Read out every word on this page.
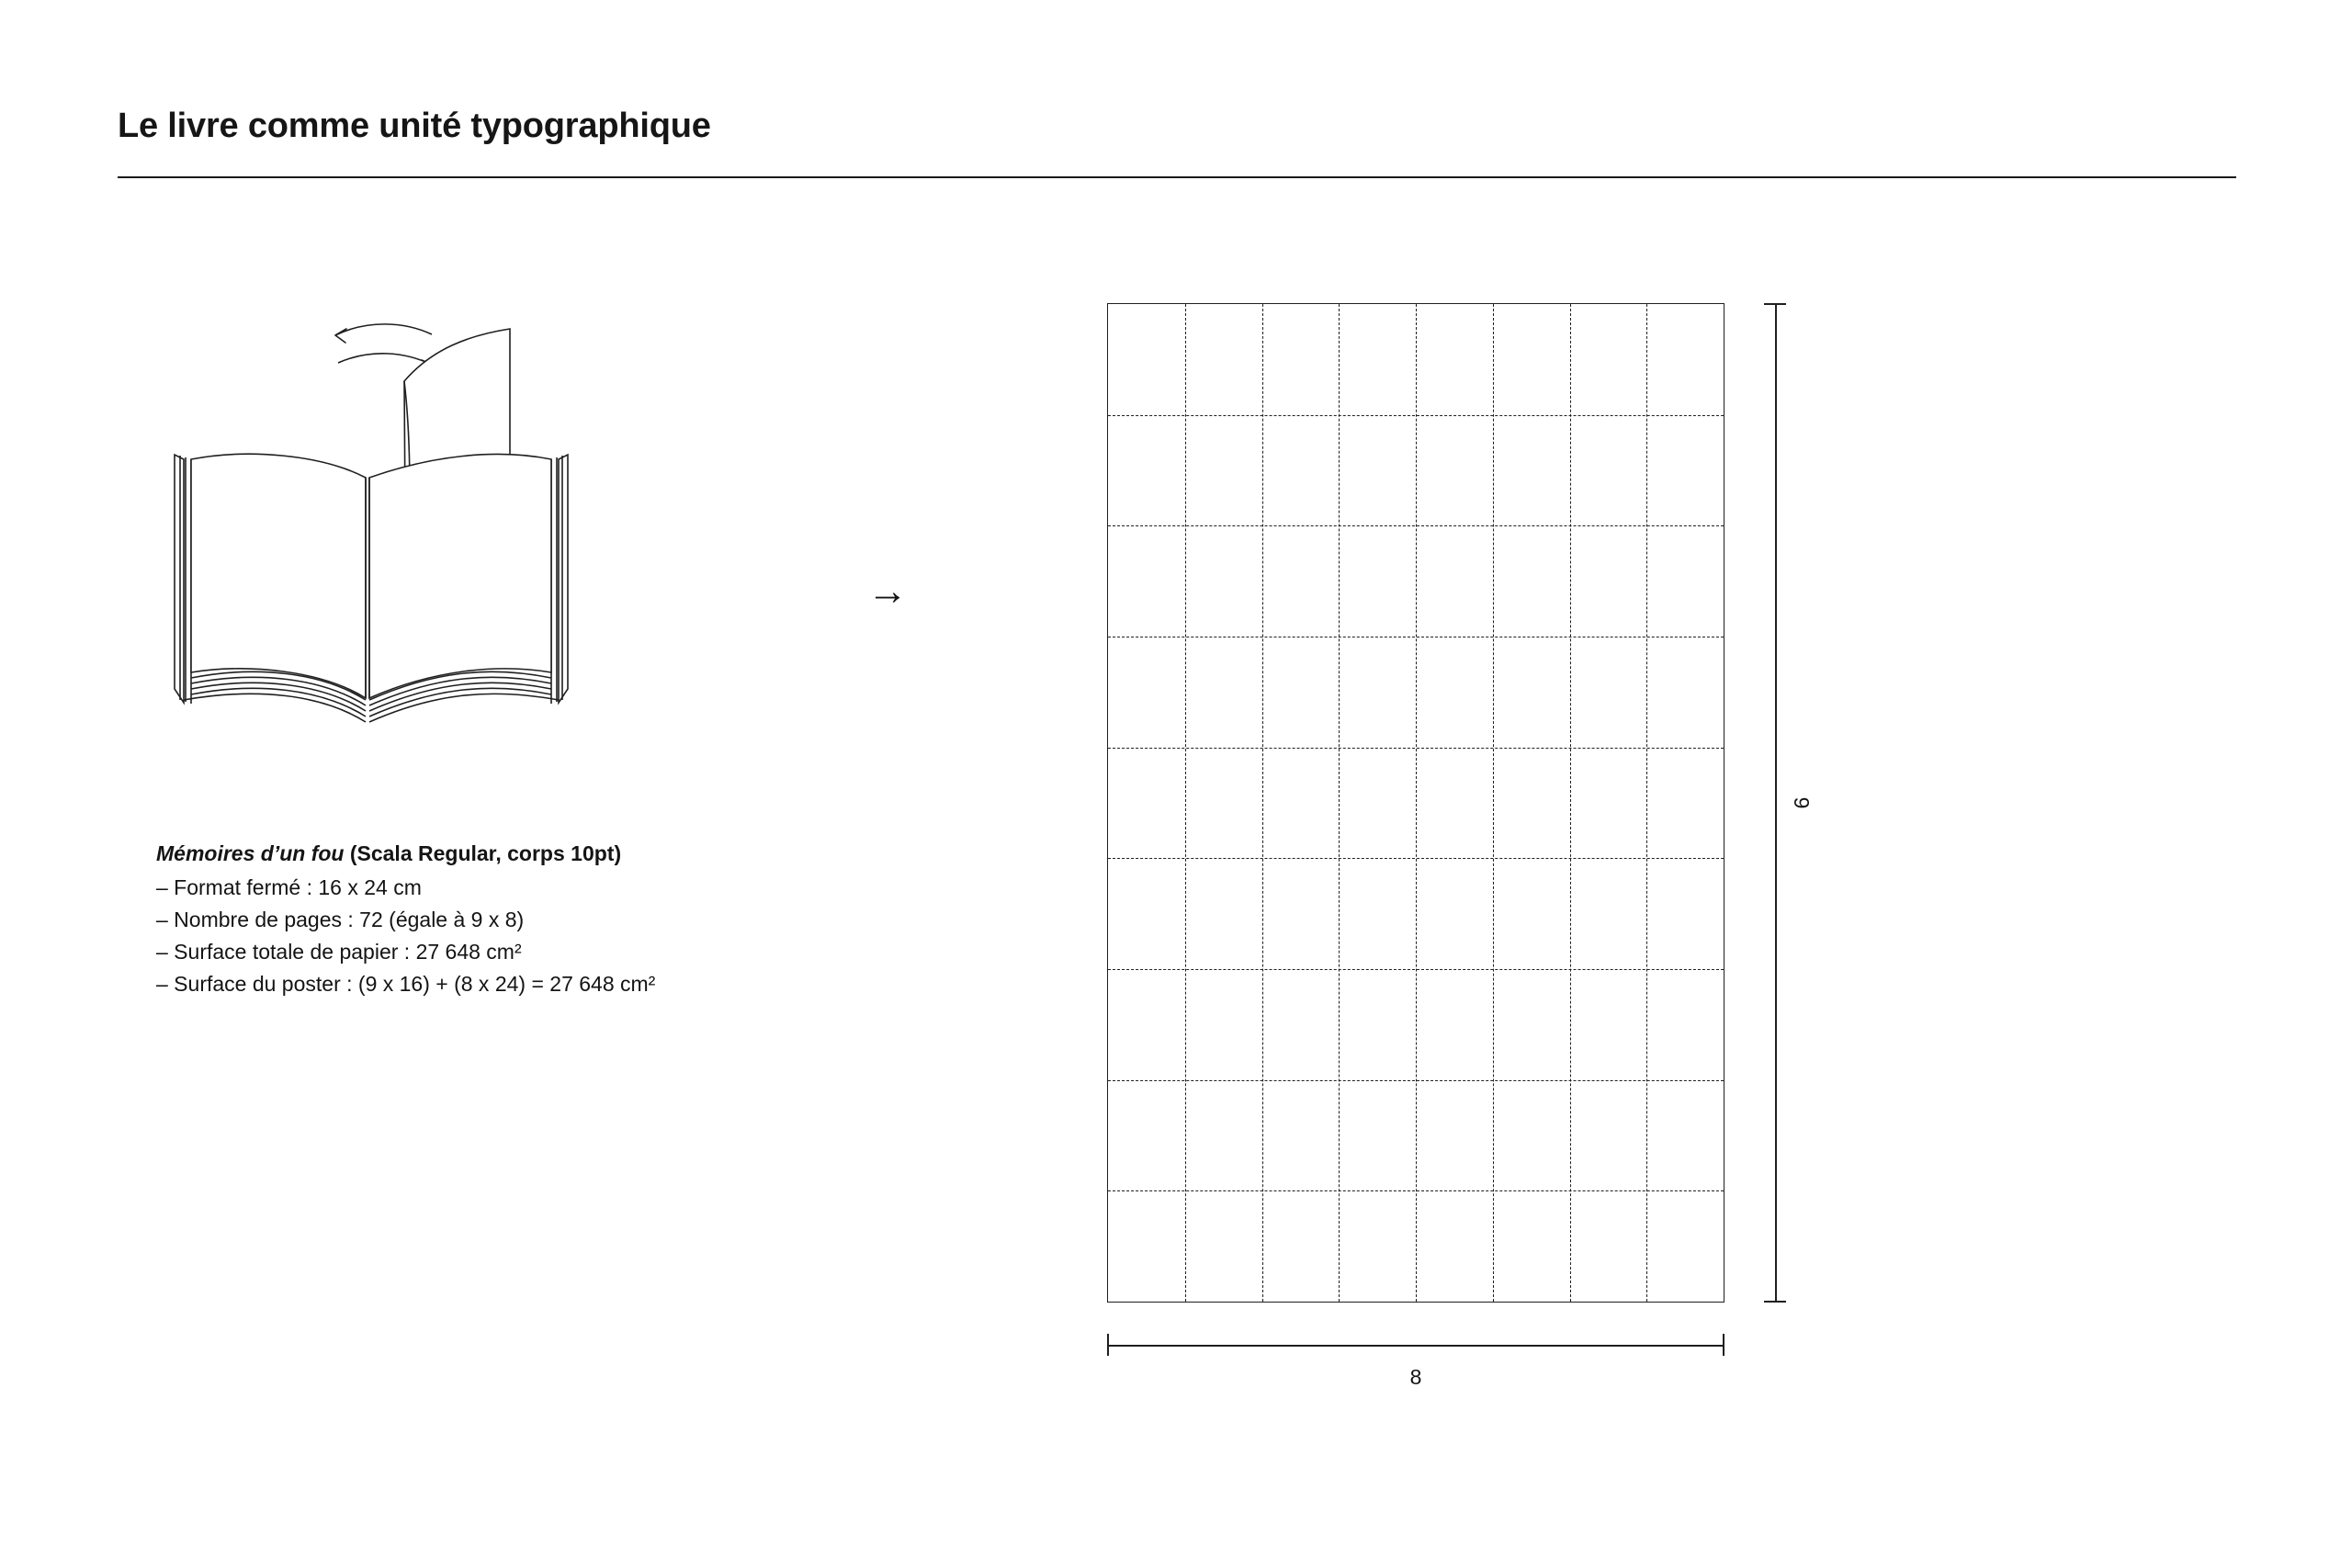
Le livre comme unité typographique
Mémoires d’un fou (Scala Regular, corps 10pt)
– Format fermé : 16 x 24 cm
– Nombre de pages : 72 (égale à 9 x 8)
– Surface totale de papier : 27 648 cm²
– Surface du poster : (9 x 16) + (8 x 24) = 27 648 cm²
→
9
8
